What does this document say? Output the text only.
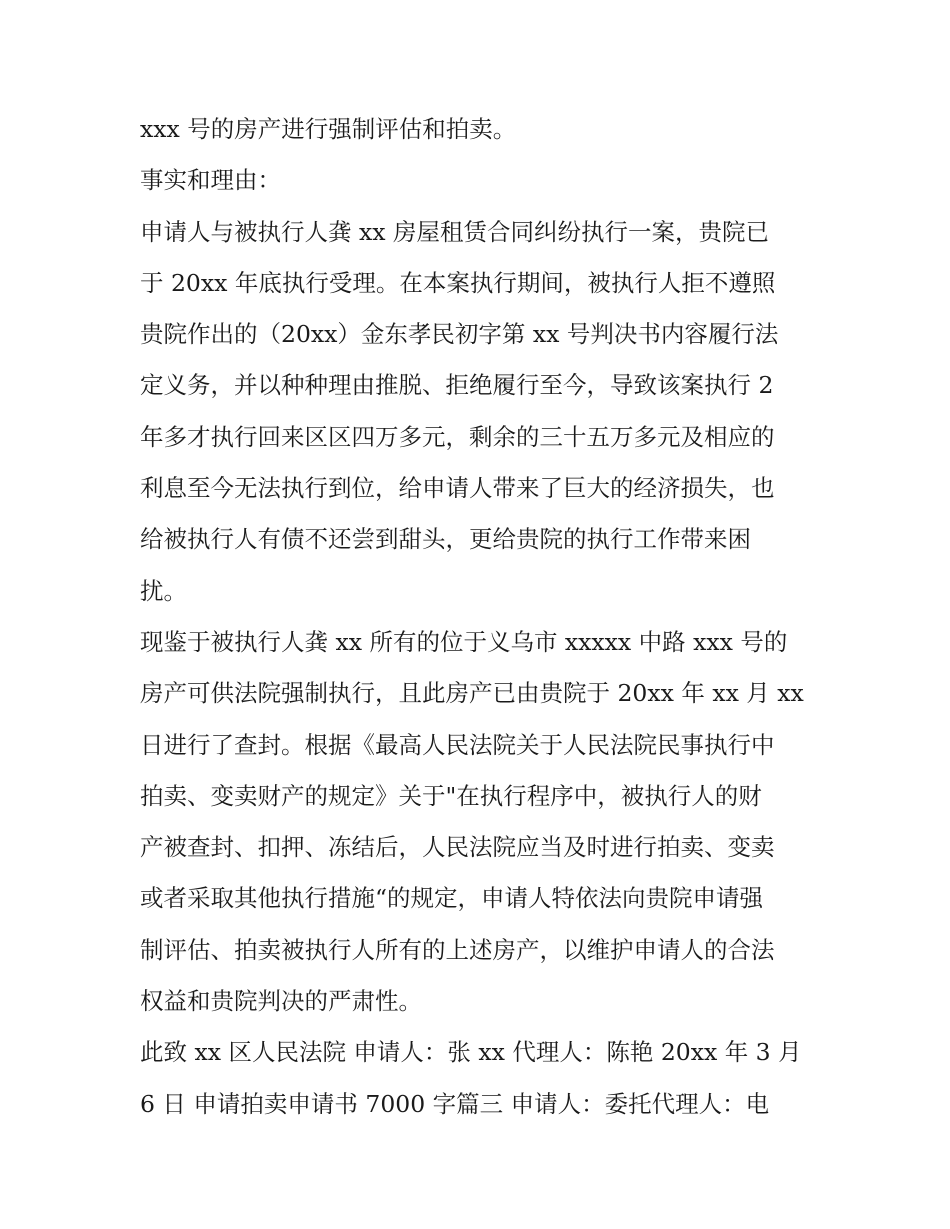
xxx 号的房产进行强制评估和拍卖。
事实和理由：
申请人与被执行人龚 xx 房屋租赁合同纠纷执行一案，贵院已
于 20xx 年底执行受理。在本案执行期间，被执行人拒不遵照
贵院作出的（20xx）金东孝民初字第 xx 号判决书内容履行法
定义务，并以种种理由推脱、拒绝履行至今，导致该案执行 2
年多才执行回来区区四万多元，剩余的三十五万多元及相应的
利息至今无法执行到位，给申请人带来了巨大的经济损失，也
给被执行人有债不还尝到甜头，更给贵院的执行工作带来困
扰。
现鉴于被执行人龚 xx 所有的位于义乌市 xxxxx 中路 xxx 号的
房产可供法院强制执行，且此房产已由贵院于 20xx 年 xx 月 xx
日进行了查封。根据《最高人民法院关于人民法院民事执行中
拍卖、变卖财产的规定》关于"在执行程序中，被执行人的财
产被查封、扣押、冻结后，人民法院应当及时进行拍卖、变卖
或者采取其他执行措施“的规定，申请人特依法向贵院申请强
制评估、拍卖被执行人所有的上述房产，以维护申请人的合法
权益和贵院判决的严肃性。
此致 xx 区人民法院 申请人：张 xx 代理人：陈艳 20xx 年 3 月
6 日 申请拍卖申请书 7000 字篇三 申请人：委托代理人：电
